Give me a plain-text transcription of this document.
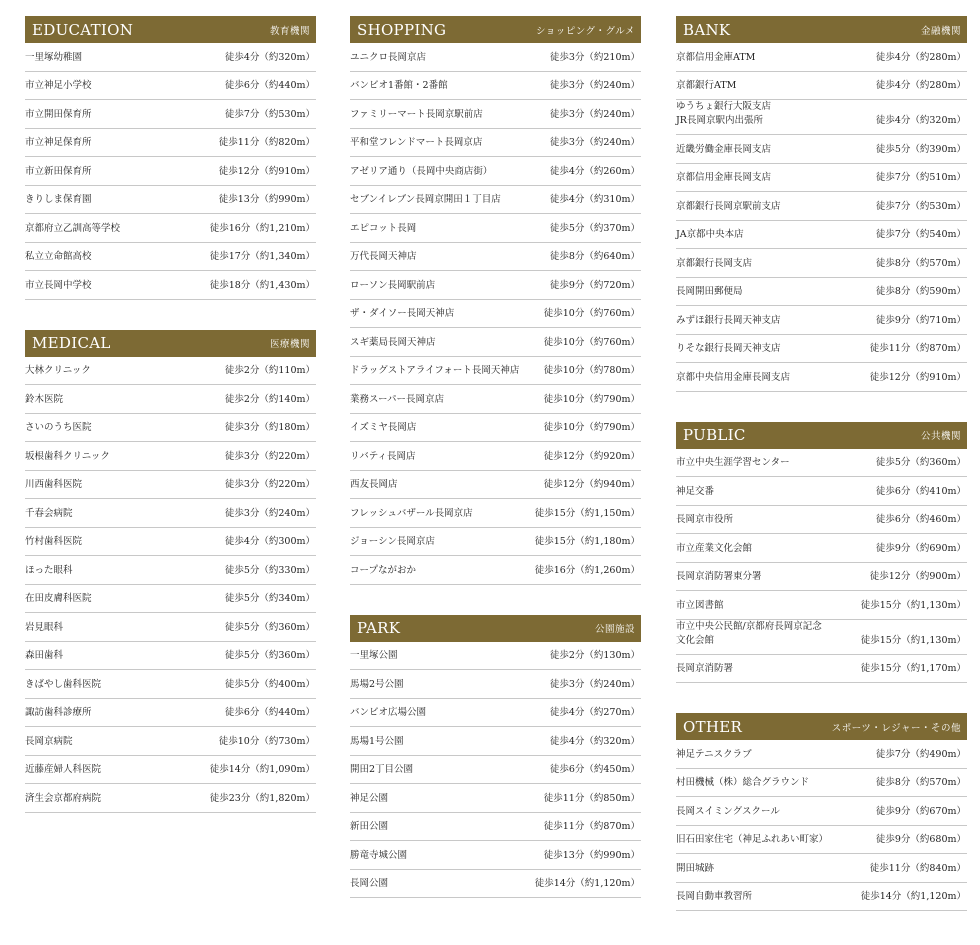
EDUCATION	教育機関
一里塚幼稚園	徒歩4分（約320m）
市立神足小学校	徒歩6分（約440m）
市立開田保育所	徒歩7分（約530m）
市立神足保育所	徒歩11分（約820m）
市立新田保育所	徒歩12分（約910m）
きりしま保育園	徒歩13分（約990m）
京都府立乙訓高等学校	徒歩16分（約1,210m）
私立立命館高校	徒歩17分（約1,340m）
市立長岡中学校	徒歩18分（約1,430m）
MEDICAL	医療機関
大林クリニック	徒歩2分（約110m）
鈴木医院	徒歩2分（約140m）
さいのうち医院	徒歩3分（約180m）
坂根歯科クリニック	徒歩3分（約220m）
川西歯科医院	徒歩3分（約220m）
千春会病院	徒歩3分（約240m）
竹村歯科医院	徒歩4分（約300m）
ほった眼科	徒歩5分（約330m）
在田皮膚科医院	徒歩5分（約340m）
岩見眼科	徒歩5分（約360m）
森田歯科	徒歩5分（約360m）
きばやし歯科医院	徒歩5分（約400m）
諏訪歯科診療所	徒歩6分（約440m）
長岡京病院	徒歩10分（約730m）
近藤産婦人科医院	徒歩14分（約1,090m）
済生会京都府病院	徒歩23分（約1,820m）
SHOPPING	ショッピング・グルメ
ユニクロ長岡京店	徒歩3分（約210m）
バンビオ1番館・2番館	徒歩3分（約240m）
ファミリーマート長岡京駅前店	徒歩3分（約240m）
平和堂フレンドマート長岡京店	徒歩3分（約240m）
アゼリア通り（長岡中央商店街）	徒歩4分（約260m）
セブンイレブン長岡京開田１丁目店	徒歩4分（約310m）
エピコット長岡	徒歩5分（約370m）
万代長岡天神店	徒歩8分（約640m）
ローソン長岡駅前店	徒歩9分（約720m）
ザ・ダイソー長岡天神店	徒歩10分（約760m）
スギ薬局長岡天神店	徒歩10分（約760m）
ドラッグストアライフォート長岡天神店	徒歩10分（約780m）
業務スーパー長岡京店	徒歩10分（約790m）
イズミヤ長岡店	徒歩10分（約790m）
リバティ長岡店	徒歩12分（約920m）
西友長岡店	徒歩12分（約940m）
フレッシュバザール長岡京店	徒歩15分（約1,150m）
ジョーシン長岡京店	徒歩15分（約1,180m）
コープながおか	徒歩16分（約1,260m）
PARK	公園施設
一里塚公園	徒歩2分（約130m）
馬場2号公園	徒歩3分（約240m）
バンビオ広場公園	徒歩4分（約270m）
馬場1号公園	徒歩4分（約320m）
開田2丁目公園	徒歩6分（約450m）
神足公園	徒歩11分（約850m）
新田公園	徒歩11分（約870m）
勝竜寺城公園	徒歩13分（約990m）
長岡公園	徒歩14分（約1,120m）
BANK	金融機関
京都信用金庫ATM	徒歩4分（約280m）
京都銀行ATM	徒歩4分（約280m）
ゆうちょ銀行大阪支店
JR長岡京駅内出張所	徒歩4分（約320m）
近畿労働金庫長岡支店	徒歩5分（約390m）
京都信用金庫長岡支店	徒歩7分（約510m）
京都銀行長岡京駅前支店	徒歩7分（約530m）
JA京都中央本店	徒歩7分（約540m）
京都銀行長岡支店	徒歩8分（約570m）
長岡開田郵便局	徒歩8分（約590m）
みずほ銀行長岡天神支店	徒歩9分（約710m）
りそな銀行長岡天神支店	徒歩11分（約870m）
京都中央信用金庫長岡支店	徒歩12分（約910m）
PUBLIC	公共機関
市立中央生涯学習センター	徒歩5分（約360m）
神足交番	徒歩6分（約410m）
長岡京市役所	徒歩6分（約460m）
市立産業文化会館	徒歩9分（約690m）
長岡京消防署東分署	徒歩12分（約900m）
市立図書館	徒歩15分（約1,130m）
市立中央公民館/京都府長岡京記念
文化会館	徒歩15分（約1,130m）
長岡京消防署	徒歩15分（約1,170m）
OTHER	スポーツ・レジャー・その他
神足テニスクラブ	徒歩7分（約490m）
村田機械（株）総合グラウンド	徒歩8分（約570m）
長岡スイミングスクール	徒歩9分（約670m）
旧石田家住宅（神足ふれあい町家）	徒歩9分（約680m）
開田城跡	徒歩11分（約840m）
長岡自動車教習所	徒歩14分（約1,120m）
